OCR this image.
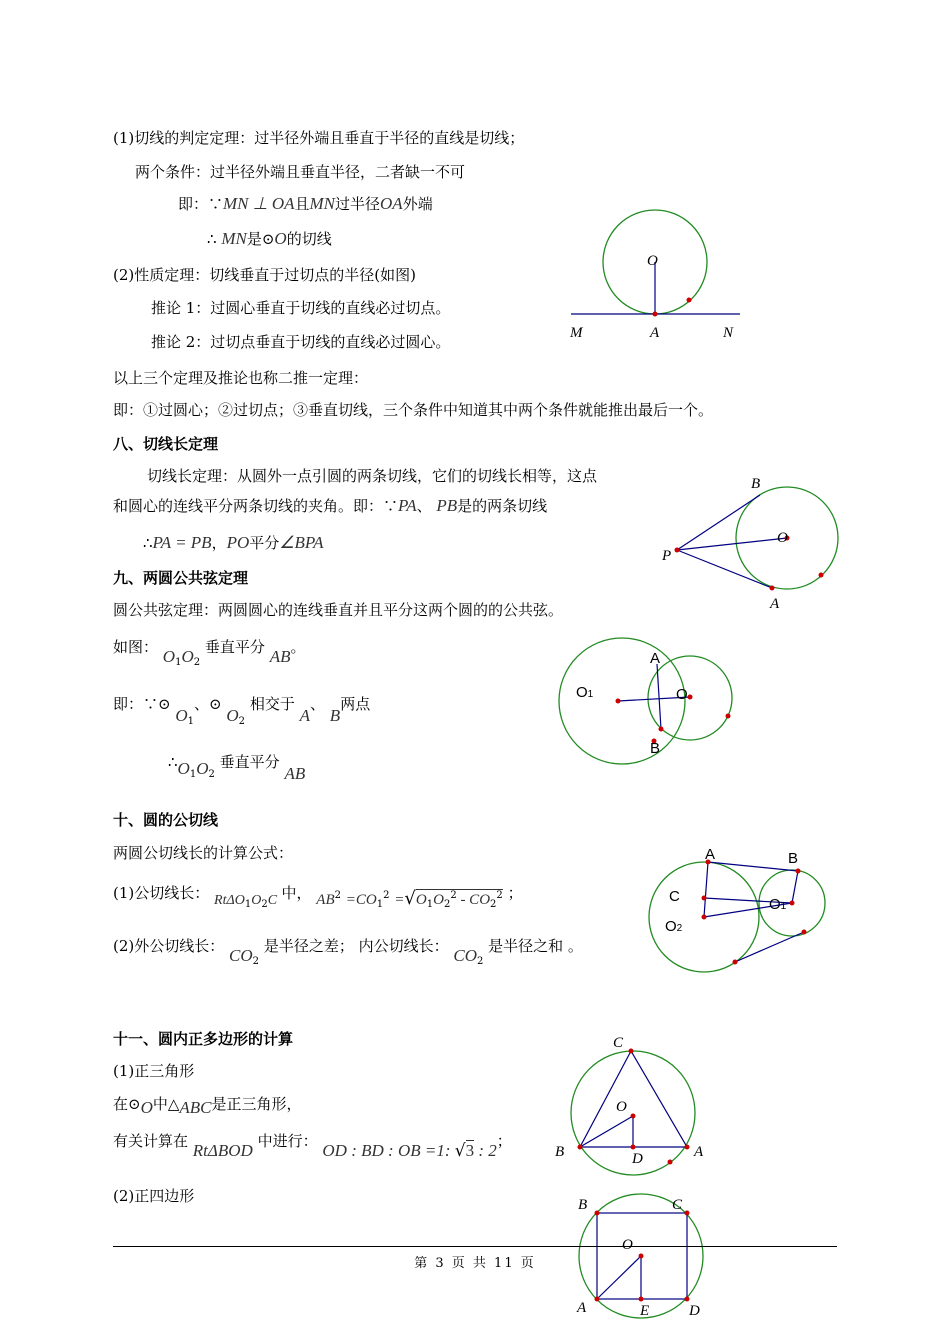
(1)切线的判定定理：过半径外端且垂直于半径的直线是切线；
两个条件：过半径外端且垂直半径，二者缺一不可
即：∵MN ⊥ OA且MN过半径OA外端
∴ MN是⊙O的切线
(2)性质定理：切线垂直于过切点的半径(如图)
推论 1：过圆心垂直于切线的直线必过切点。
推论 2：过切点垂直于切线的直线必过圆心。
以上三个定理及推论也称二推一定理：
即：①过圆心；②过切点；③垂直切线，三个条件中知道其中两个条件就能推出最后一个。
O
M	A	N
八、切线长定理
切线长定理：从圆外一点引圆的两条切线，它们的切线长相等，这点
和圆心的连线平分两条切线的夹角。即：∵PA、 PB是的两条切线
∴PA = PB，PO平分∠BPA
B
O
P
A
九、两圆公共弦定理
圆公共弦定理：两圆圆心的连线垂直并且平分这两个圆的的公共弦。
如图： $O_1O_2$ 垂直平分 AB。
即：∵⊙ $O_1$、⊙ $O_2$ 相交于 A、 B两点
$\therefore O_1O_2$ 垂直平分 AB
A
O1	O
B
十、圆的公切线
两圆公切线长的计算公式：
(1)公切线长： $Rt\Delta O_1O_2C$ 中， $AB^2 =CO_1^2 =√O_1O_2^2 - CO_2^2$ ；
(2)外公切线长： $CO_2$ 是半径之差； 内公切线长： $CO_2$ 是半径之和 。
A	B
C
O2
O1
十一、圆内正多边形的计算
(1)正三角形
在⊙O中△ABC是正三角形，
有关计算在 RtΔBOD 中进行： OD : BD : OB =1: √3 : 2；
(2)正四边形
C
O
B	D	A
B	C
O
A	E	D
第 3 页 共 11 页
